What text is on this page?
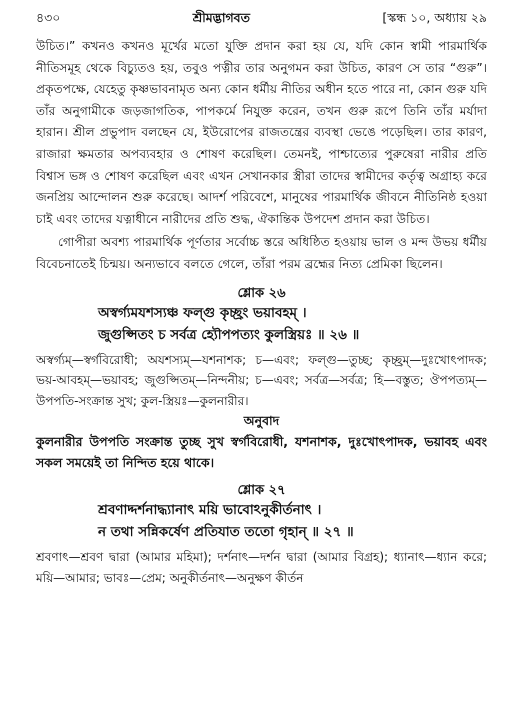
৪৩০	শ্রীমদ্ভাগবত	[স্কন্ধ ১০, অধ্যায় ২৯

উচিত।” কখনও কখনও মূর্খের মতো যুক্তি প্রদান করা হয় যে, যদি কোন স্বামী পারমার্থিক নীতিসমূহ থেকে বিচ্যুতও হয়, তবুও পত্নীর তার অনুগমন করা উচিত, কারণ সে তার “গুরু”। প্রকৃতপক্ষে, যেহেতু কৃষ্ণভাবনামৃত অন্য কোন ধর্মীয় নীতির অধীন হতে পারে না, কোন গুরু যদি তাঁর অনুগামীকে জড়জাগতিক, পাপকর্মে নিযুক্ত করেন, তখন গুরু রূপে তিনি তাঁর মর্যাদা হারান। শ্রীল প্রভুপাদ বলছেন যে, ইউরোপের রাজতন্ত্রের ব্যবস্থা ভেঙে পড়েছিল। তার কারণ, রাজারা ক্ষমতার অপব্যবহার ও শোষণ করেছিল। তেমনই, পাশ্চাত্যের পুরুষেরা নারীর প্রতি বিশ্বাস ভঙ্গ ও শোষণ করেছিল এবং এখন সেখানকার স্ত্রীরা তাদের স্বামীদের কর্তৃত্ব অগ্রাহ্য করে জনপ্রিয় আন্দোলন শুরু করেছে। আদর্শ পরিবেশে, মানুষের পারমার্থিক জীবনে নীতিনিষ্ঠ হওয়া চাই এবং তাদের যত্নাধীনে নারীদের প্রতি শুদ্ধ, ঐকান্তিক উপদেশ প্রদান করা উচিত।

গোপীরা অবশ্য পারমার্থিক পূর্ণতার সর্বোচ্চ স্তরে অধিষ্ঠিত হওয়ায় ভাল ও মন্দ উভয় ধর্মীয় বিবেচনাতেই চিন্ময়। অন্যভাবে বলতে গেলে, তাঁরা পরম ব্রহ্মের নিত্য প্রেমিকা ছিলেন।

শ্লোক ২৬
অস্বর্গ্যমযশস্যঞ্চ ফল্গু কৃচ্ছ্রং ভয়াবহম্ ।
জুগুপ্সিতং চ সর্বত্র হ্যৌপপত্যং কুলস্ত্রিয়ঃ ॥ ২৬ ॥
অস্বর্গ্যম্—স্বর্গবিরোধী; অযশস্যম্—যশনাশক; চ—এবং; ফল্গু—তুচ্ছ; কৃচ্ছ্রম্—দুঃখোৎপাদক; ভয়-আবহম্—ভয়াবহ; জুগুপ্সিতম্—নিন্দনীয়; চ—এবং; সর্বত্র—সর্বত্র; হি—বস্তুত; ঔপপত্যম্—উপপতি-সংক্রান্ত সুখ; কুল-স্ত্রিয়ঃ—কুলনারীর।
অনুবাদ
কুলনারীর উপপতি সংক্রান্ত তুচ্ছ সুখ স্বর্গবিরোধী, যশনাশক, দুঃখোৎপাদক, ভয়াবহ এবং সকল সময়েই তা নিন্দিত হয়ে থাকে।
শ্লোক ২৭
শ্রবণাদ্দর্শনাদ্ধ্যানাৎ ময়ি ভাবোঽনুকীর্তনাৎ ।
ন তথা সন্নিকর্ষেণ প্রতিযাত ততো গৃহান্ ॥ ২৭ ॥
শ্রবণাৎ—শ্রবণ দ্বারা (আমার মহিমা); দর্শনাৎ—দর্শন দ্বারা (আমার বিগ্রহ); ধ্যানাৎ—ধ্যান করে; ময়ি—আমার; ভাবঃ—প্রেম; অনুকীর্তনাৎ—অনুক্ষণ কীর্তন
